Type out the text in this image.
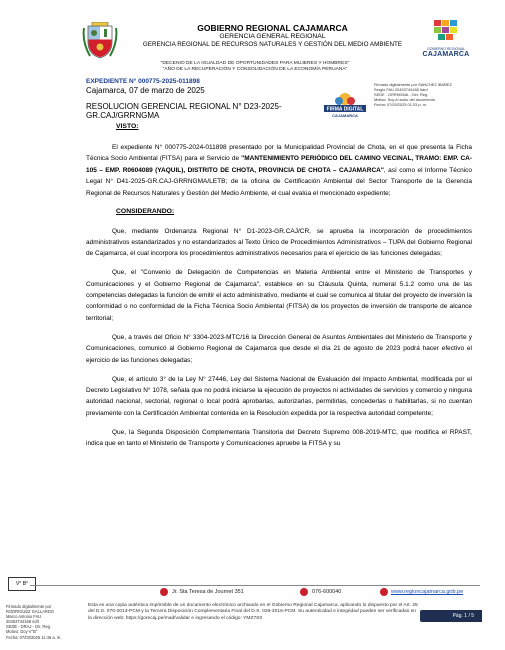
GOBIERNO REGIONAL CAJAMARCA
GERENCIA GENERAL REGIONAL
GERENCIA REGIONAL DE RECURSOS NATURALES Y GESTIÓN DEL MEDIO AMBIENTE
GOBIERNO REGIONAL
CAJAMARCA
"DECENIO DE LA IGUALDAD DE OPORTUNIDADES PARA MUJERES Y HOMBRES"
"AÑO DE LA RECUPERACIÓN Y CONSOLIDACIÓN DE LA ECONOMÍA PERUANA"
EXPEDIENTE N° 000775-2025-011898
Cajamarca, 07 de marzo de 2025
RESOLUCION GERENCIAL REGIONAL N° D23-2025-GR.CAJ/GRRNGMA
FIRMA DIGITAL
CAJAMARCA
Firmado digitalmente por SANCHEZ IBAÑEZ
Sergio FAU 20453744168 hard
SEDE - GRRNGMA - Ger. Reg.
Motivo: Soy el autor del documento
Fecha: 07/03/2025 01:33 p. m.
VISTO:

El expediente N° 000775-2024-011898 presentado por la Municipalidad Provincial de Chota, en el que presenta la Ficha Técnica Socio Ambiental (FITSA) para el Servicio de "MANTENIMIENTO PERIÓDICO DEL CAMINO VECINAL, TRAMO: EMP. CA-105 – EMP. R0604089 (YAQUIL), DISTRITO DE CHOTA, PROVINCIA DE CHOTA – CAJAMARCA", así como el Informe Técnico Legal N° D41-2025-GR.CAJ-GRRNGMA/LETB; de la oficina de Certificación Ambiental del Sector Transporte de la Gerencia Regional de Recursos Naturales y Gestión del Medio Ambiente, el cual evalúa el mencionado expediente;

CONSIDERANDO:

Que, mediante Ordenanza Regional N° D1-2023-GR.CAJ/CR, se aprueba la incorporación de procedimientos administrativos estandarizados y no estandarizados al Texto Único de Procedimientos Administrativos – TUPA del Gobierno Regional de Cajamarca, el cual incorpora los procedimientos administrativos necesarios para el ejercicio de las funciones delegadas;

Que, el "Convenio de Delegación de Competencias en Materia Ambiental entre el Ministerio de Transportes y Comunicaciones y el Gobierno Regional de Cajamarca", establece en su Cláusula Quinta, numeral 5.1.2 como una de las competencias delegadas la función de emitir el acto administrativo, mediante el cual se comunica al titular del proyecto de inversión la conformidad o no conformidad de la Ficha Técnica Socio Ambiental (FITSA) de los proyectos de inversión de transporte de alcance territorial;

Que, a través del Oficio N° 3304-2023-MTC/16 la Dirección General de Asuntos Ambientales del Ministerio de Transporte y Comunicaciones, comunicó al Gobierno Regional de Cajamarca que desde el día 21 de agosto de 2023 podrá hacer efectivo el ejercicio de las funciones delegadas;

Que, el artículo 3° de la Ley N° 27446, Ley del Sistema Nacional de Evaluación del Impacto Ambiental, modificada por el Decreto Legislativo N° 1078, señala que no podrá iniciarse la ejecución de proyectos ni actividades de servicios y comercio y ninguna autoridad nacional, sectorial, regional o local podrá aprobarlas, autorizarlas, permitirlas, concederlas o habilitarlas, si no cuentan previamente con la Certificación Ambiental contenida en la Resolución expedida por la respectiva autoridad competente;

Que, la Segunda Disposición Complementaria Transitoria del Decreto Supremo 008-2019-MTC, que modifica el RPAST, indica que en tanto el Ministerio de Transporte y Comunicaciones apruebe la FITSA y su

V° B°
Jr. Sta Teresa de Journet 351	076-600040	www.regioncajamarca.gob.pe
Firmado digitalmente por
RODRIGUEZ GALLARDO
Marco Antonio FAU
20453744168 soft
SEDE - DRAJ - Dir. Reg.
Motivo: Doy V°B°
Fecha: 07/03/2025 11:46 a. m.
Esta es una copia auténtica imprimible de un documento electrónico archivado en el Gobierno Regional Cajamarca, aplicando lo dispuesto por el Art. 25 del D.S. 070-2013-PCM y la Tercera Disposición Complementaria Final del D.S. 026-2016-PCM. Su autenticidad e integridad pueden ser verificadas en la dirección web: https://gorecaj.pe/mad/validar e ingresando el código: YMZ7S0	Pág. 1 / 5
